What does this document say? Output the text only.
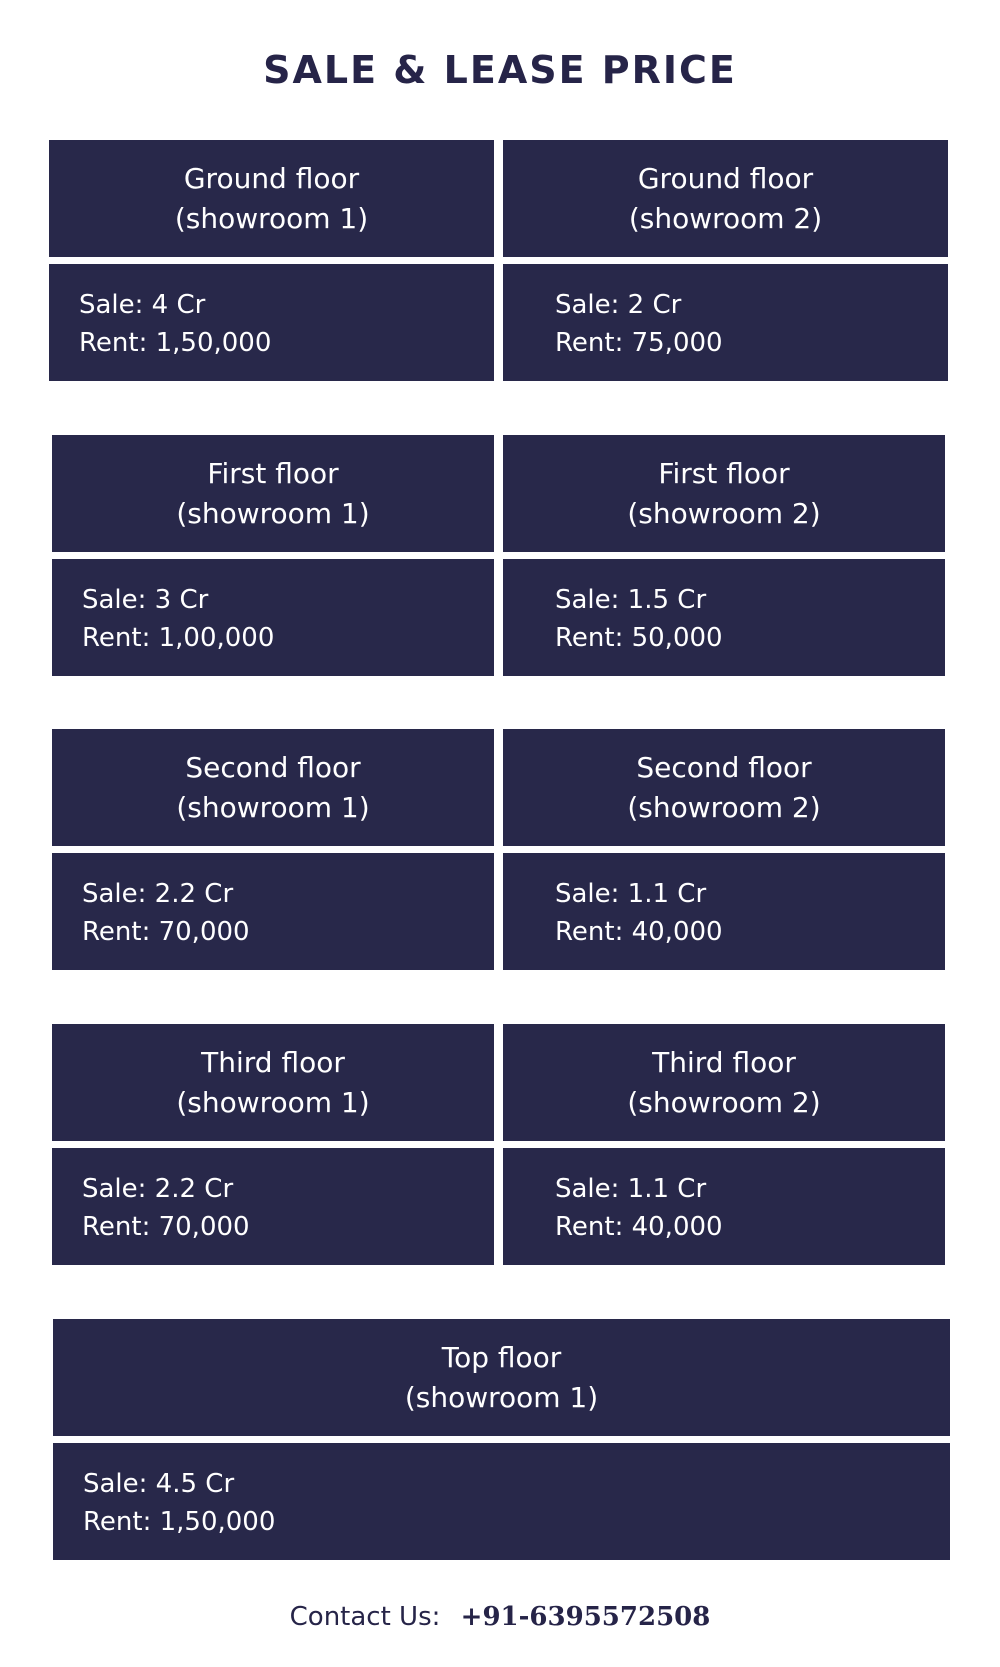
SALE & LEASE PRICE
Ground floor
(showroom 1)
Ground floor
(showroom 2)
Sale: 4 Cr
Rent: 1,50,000
Sale: 2 Cr
Rent: 75,000
First floor
(showroom 1)
First floor
(showroom 2)
Sale: 3 Cr
Rent: 1,00,000
Sale: 1.5 Cr
Rent: 50,000
Second floor
(showroom 1)
Second floor
(showroom 2)
Sale: 2.2 Cr
Rent: 70,000
Sale: 1.1 Cr
Rent: 40,000
Third floor
(showroom 1)
Third floor
(showroom 2)
Sale: 2.2 Cr
Rent: 70,000
Sale: 1.1 Cr
Rent: 40,000
Top floor
(showroom 1)
Sale: 4.5 Cr
Rent: 1,50,000
Contact Us: +91-6395572508
